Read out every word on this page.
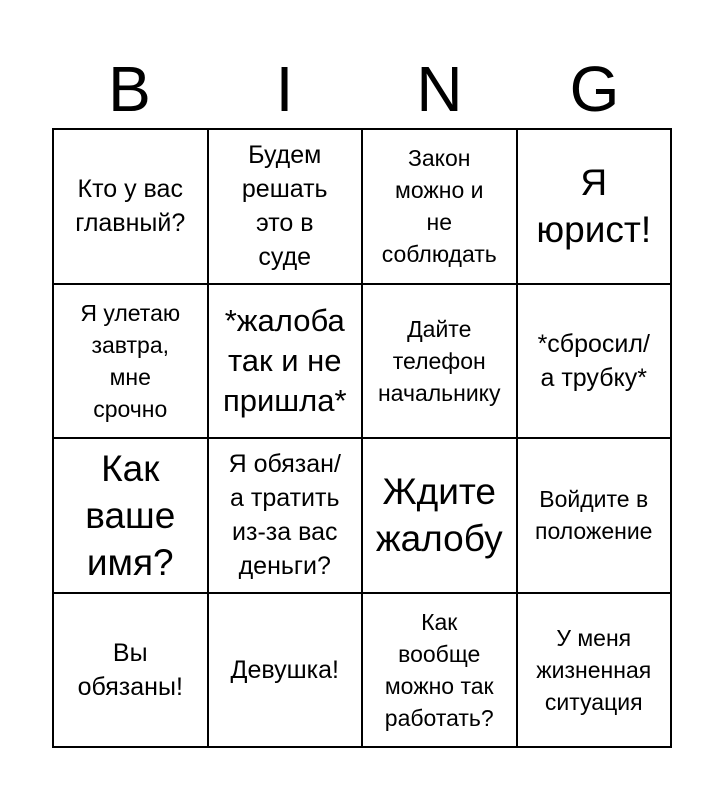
B	I	N	G
Кто у вас
главный?
Будем
решать
это в
суде
Закон
можно и
не
соблюдать
Я
юрист!
Я улетаю
завтра,
мне
срочно
*жалоба
так и не
пришла*
Дайте
телефон
начальнику
*сбросил/
а трубку*
Как
ваше
имя?
Я обязан/
а тратить
из-за вас
деньги?
Ждите
жалобу
Войдите в
положение
Вы
обязаны!
Девушка!
Как
вообще
можно так
работать?
У меня
жизненная
ситуация
